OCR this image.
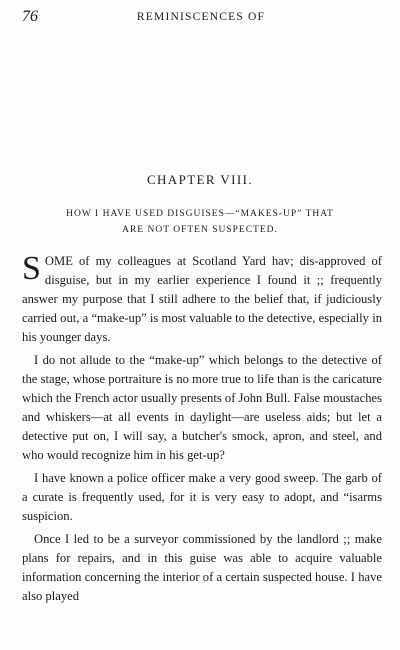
76	REMINISCENCES OF
CHAPTER VIII.
HOW I HAVE USED DISGUISES—“MAKES-UP” THAT
ARE NOT OFTEN SUSPECTED.

SOME of my colleagues at Scotland Yard hav; dis-approved of disguise, but in my earlier experience I found it ;; frequently answer my purpose that I still adhere to the belief that, if judiciously carried out, a “make-up” is most valuable to the detective, especially in his younger days.

I do not allude to the “make-up” which belongs to the detective of the stage, whose portraiture is no more true to life than is the caricature which the French actor usually presents of John Bull. False moustaches and whiskers—at all events in daylight—are useless aids; but let a detective put on, I will say, a butcher's smock, apron, and steel, and who would recognize him in his get-up?

I have known a police officer make a very good sweep. The garb of a curate is frequently used, for it is very easy to adopt, and “isarms suspicion.

Once I led to be a surveyor commissioned by the landlord ;; make plans for repairs, and in this guise was able to acquire valuable information concerning the interior of a certain suspected house. I have also played
